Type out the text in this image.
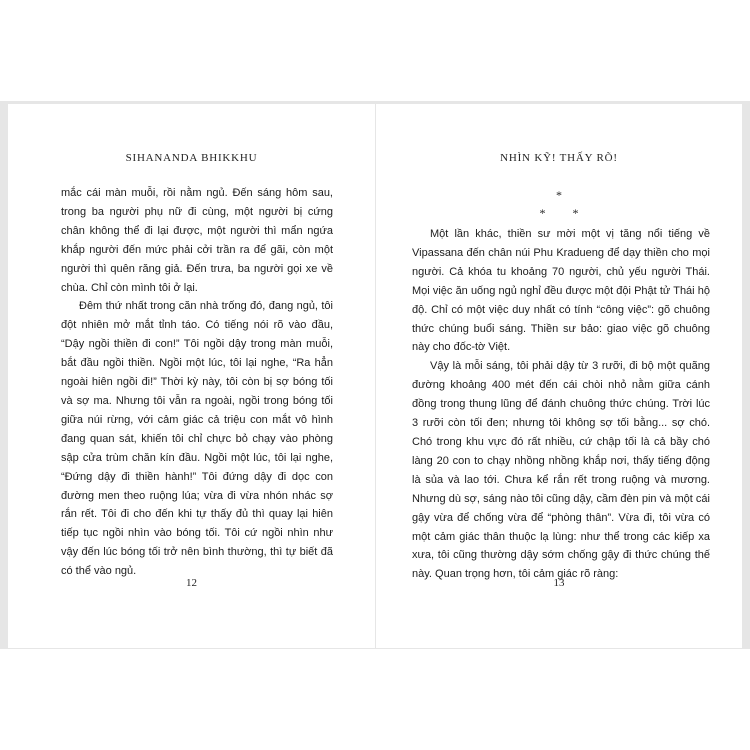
SIHANANDA BHIKKHU

mắc cái màn muỗi, rồi nằm ngủ. Đến sáng hôm sau, trong ba người phụ nữ đi cùng, một người bị cứng chân không thể đi lại được, một người thì mẩn ngứa khắp người đến mức phải cởi trần ra để gãi, còn một người thì quên răng giả. Đến trưa, ba người gọi xe về chùa. Chỉ còn mình tôi ở lại.

Đêm thứ nhất trong căn nhà trống đó, đang ngủ, tôi đột nhiên mở mắt tỉnh táo. Có tiếng nói rõ vào đầu, “Dậy ngồi thiền đi con!” Tôi ngồi dậy trong màn muỗi, bắt đầu ngồi thiền. Ngồi một lúc, tôi lại nghe, “Ra hẳn ngoài hiên ngồi đi!” Thời kỳ này, tôi còn bị sợ bóng tối và sợ ma. Nhưng tôi vẫn ra ngoài, ngồi trong bóng tối giữa núi rừng, với cảm giác cả triệu con mắt vô hình đang quan sát, khiến tôi chỉ chực bỏ chạy vào phòng sập cửa trùm chăn kín đầu. Ngồi một lúc, tôi lại nghe, “Đứng dậy đi thiền hành!” Tôi đứng dậy đi dọc con đường men theo ruộng lúa; vừa đi vừa nhón nhác sợ rắn rết. Tôi đi cho đến khi tự thấy đủ thì quay lại hiên tiếp tục ngồi nhìn vào bóng tối. Tôi cứ ngồi nhìn như vậy đến lúc bóng tối trở nên bình thường, thì tự biết đã có thể vào ngủ.

12
NHÌN KỸ! THẤY RÕ!
*
* *

Một lần khác, thiền sư mời một vị tăng nổi tiếng về Vipassana đến chân núi Phu Kradueng để dạy thiền cho mọi người. Cả khóa tu khoảng 70 người, chủ yếu người Thái. Mọi việc ăn uống ngủ nghỉ đều được một đội Phật tử Thái hộ độ. Chỉ có một việc duy nhất có tính “công việc”: gõ chuông thức chúng buổi sáng. Thiền sư bảo: giao việc gõ chuông này cho đốc-tờ Việt.

Vậy là mỗi sáng, tôi phải dậy từ 3 rưỡi, đi bộ một quãng đường khoảng 400 mét đến cái chòi nhỏ nằm giữa cánh đồng trong thung lũng để đánh chuông thức chúng. Trời lúc 3 rưỡi còn tối đen; nhưng tôi không sợ tối bằng... sợ chó. Chó trong khu vực đó rất nhiều, cứ chập tối là cả bầy chó làng 20 con to chạy nhồng nhồng khắp nơi, thấy tiếng động là sủa và lao tới. Chưa kể rắn rết trong ruộng và mương. Nhưng dù sợ, sáng nào tôi cũng dậy, cầm đèn pin và một cái gậy vừa để chống vừa để “phòng thân”. Vừa đi, tôi vừa có một cảm giác thân thuộc lạ lùng: như thể trong các kiếp xa xưa, tôi cũng thường dậy sớm chống gậy đi thức chúng thế này. Quan trọng hơn, tôi cảm giác rõ ràng:

13
